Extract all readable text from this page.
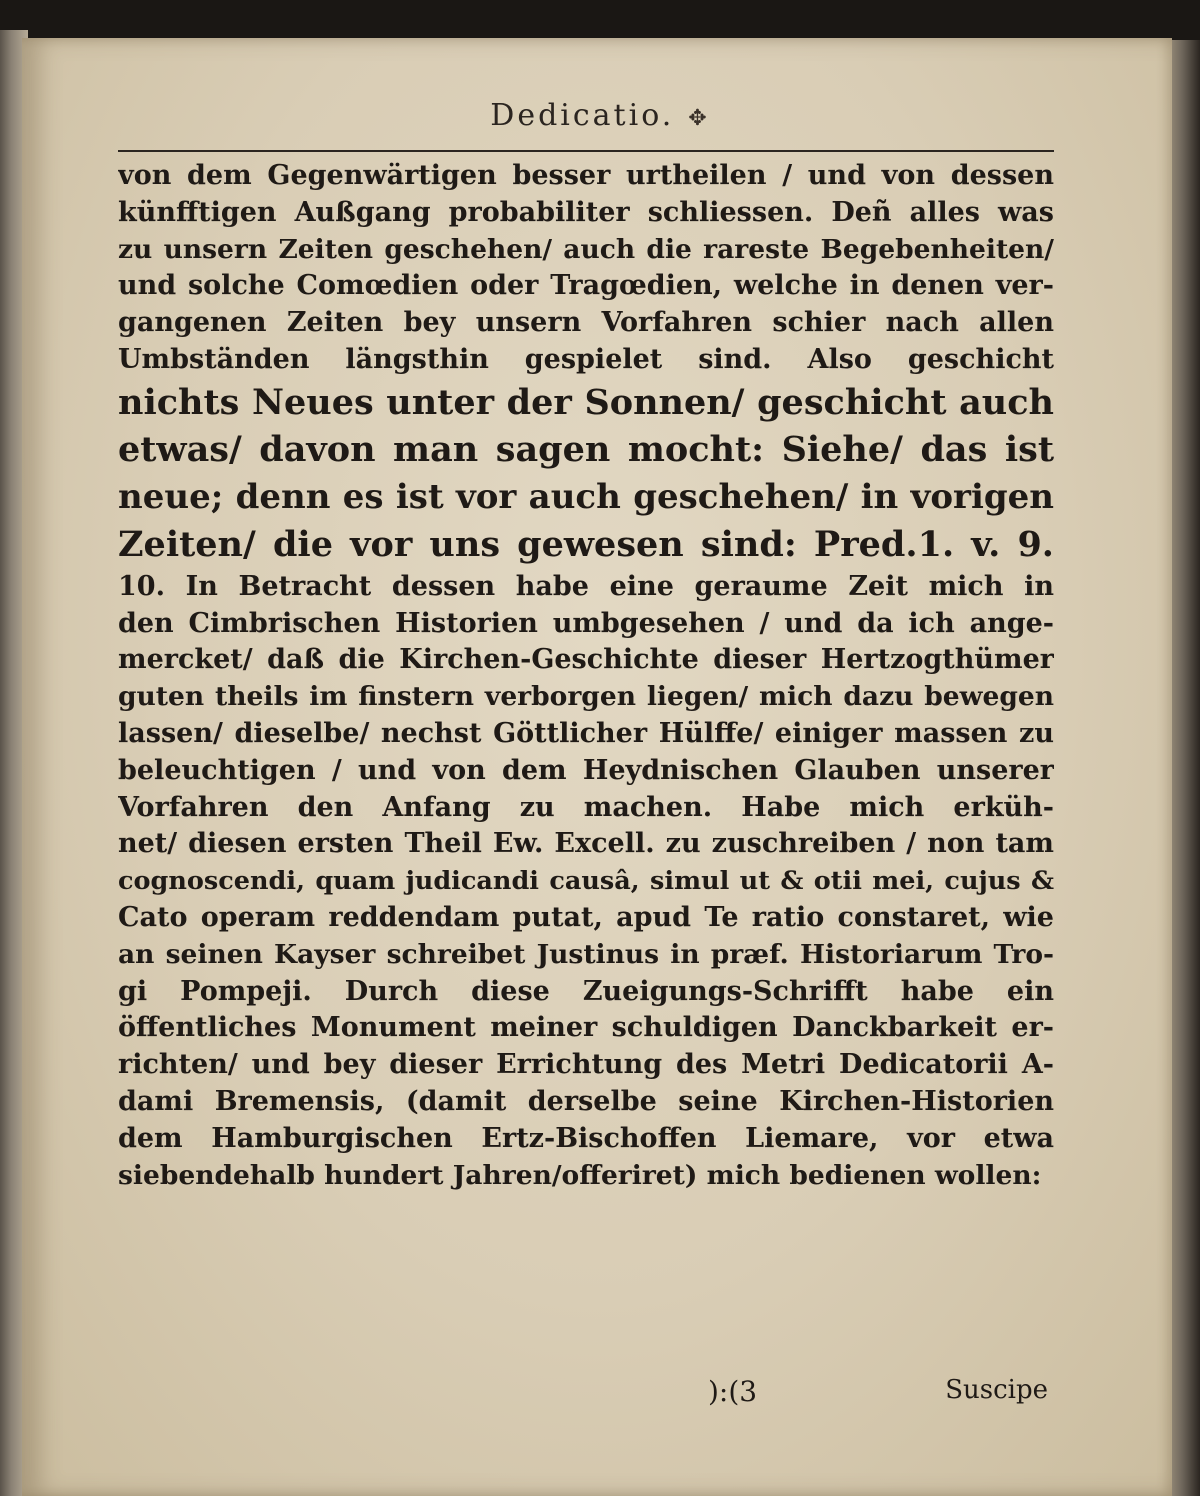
Dedicatio. ✥
von dem Gegenwärtigen besser urtheilen / und von dessen
künfftigen Außgang probabiliter schliessen. Deñ alles was
zu unsern Zeiten geschehen/ auch die rareste Begebenheiten/
und solche Comœdien oder Tragœdien, welche in denen ver-
gangenen Zeiten bey unsern Vorfahren schier nach allen
Umbständen längsthin gespielet sind. Also geschicht
nichts Neues unter der Sonnen/ geschicht auch
etwas/ davon man sagen mocht: Siehe/ das ist
neue; denn es ist vor auch geschehen/ in vorigen
Zeiten/ die vor uns gewesen sind: Pred.1. v. 9.
10. In Betracht dessen habe eine geraume Zeit mich in
den Cimbrischen Historien umbgesehen / und da ich ange-
mercket/ daß die Kirchen-Geschichte dieser Hertzogthümer
guten theils im finstern verborgen liegen/ mich dazu bewegen
lassen/ dieselbe/ nechst Göttlicher Hülffe/ einiger massen zu
beleuchtigen / und von dem Heydnischen Glauben unserer
Vorfahren den Anfang zu machen. Habe mich erküh-
net/ diesen ersten Theil Ew. Excell. zu zuschreiben / non tam
cognoscendi, quam judicandi causâ, simul ut & otii mei, cujus &
Cato operam reddendam putat, apud Te ratio constaret, wie
an seinen Kayser schreibet Justinus in præf. Historiarum Tro-
gi Pompeji. Durch diese Zueigungs-Schrifft habe ein
öffentliches Monument meiner schuldigen Danckbarkeit er-
richten/ und bey dieser Errichtung des Metri Dedicatorii A-
dami Bremensis, (damit derselbe seine Kirchen-Historien
dem Hamburgischen Ertz-Bischoffen Liemare, vor etwa
siebendehalb hundert Jahren/offeriret) mich bedienen wollen:
):(3	Suscipe
